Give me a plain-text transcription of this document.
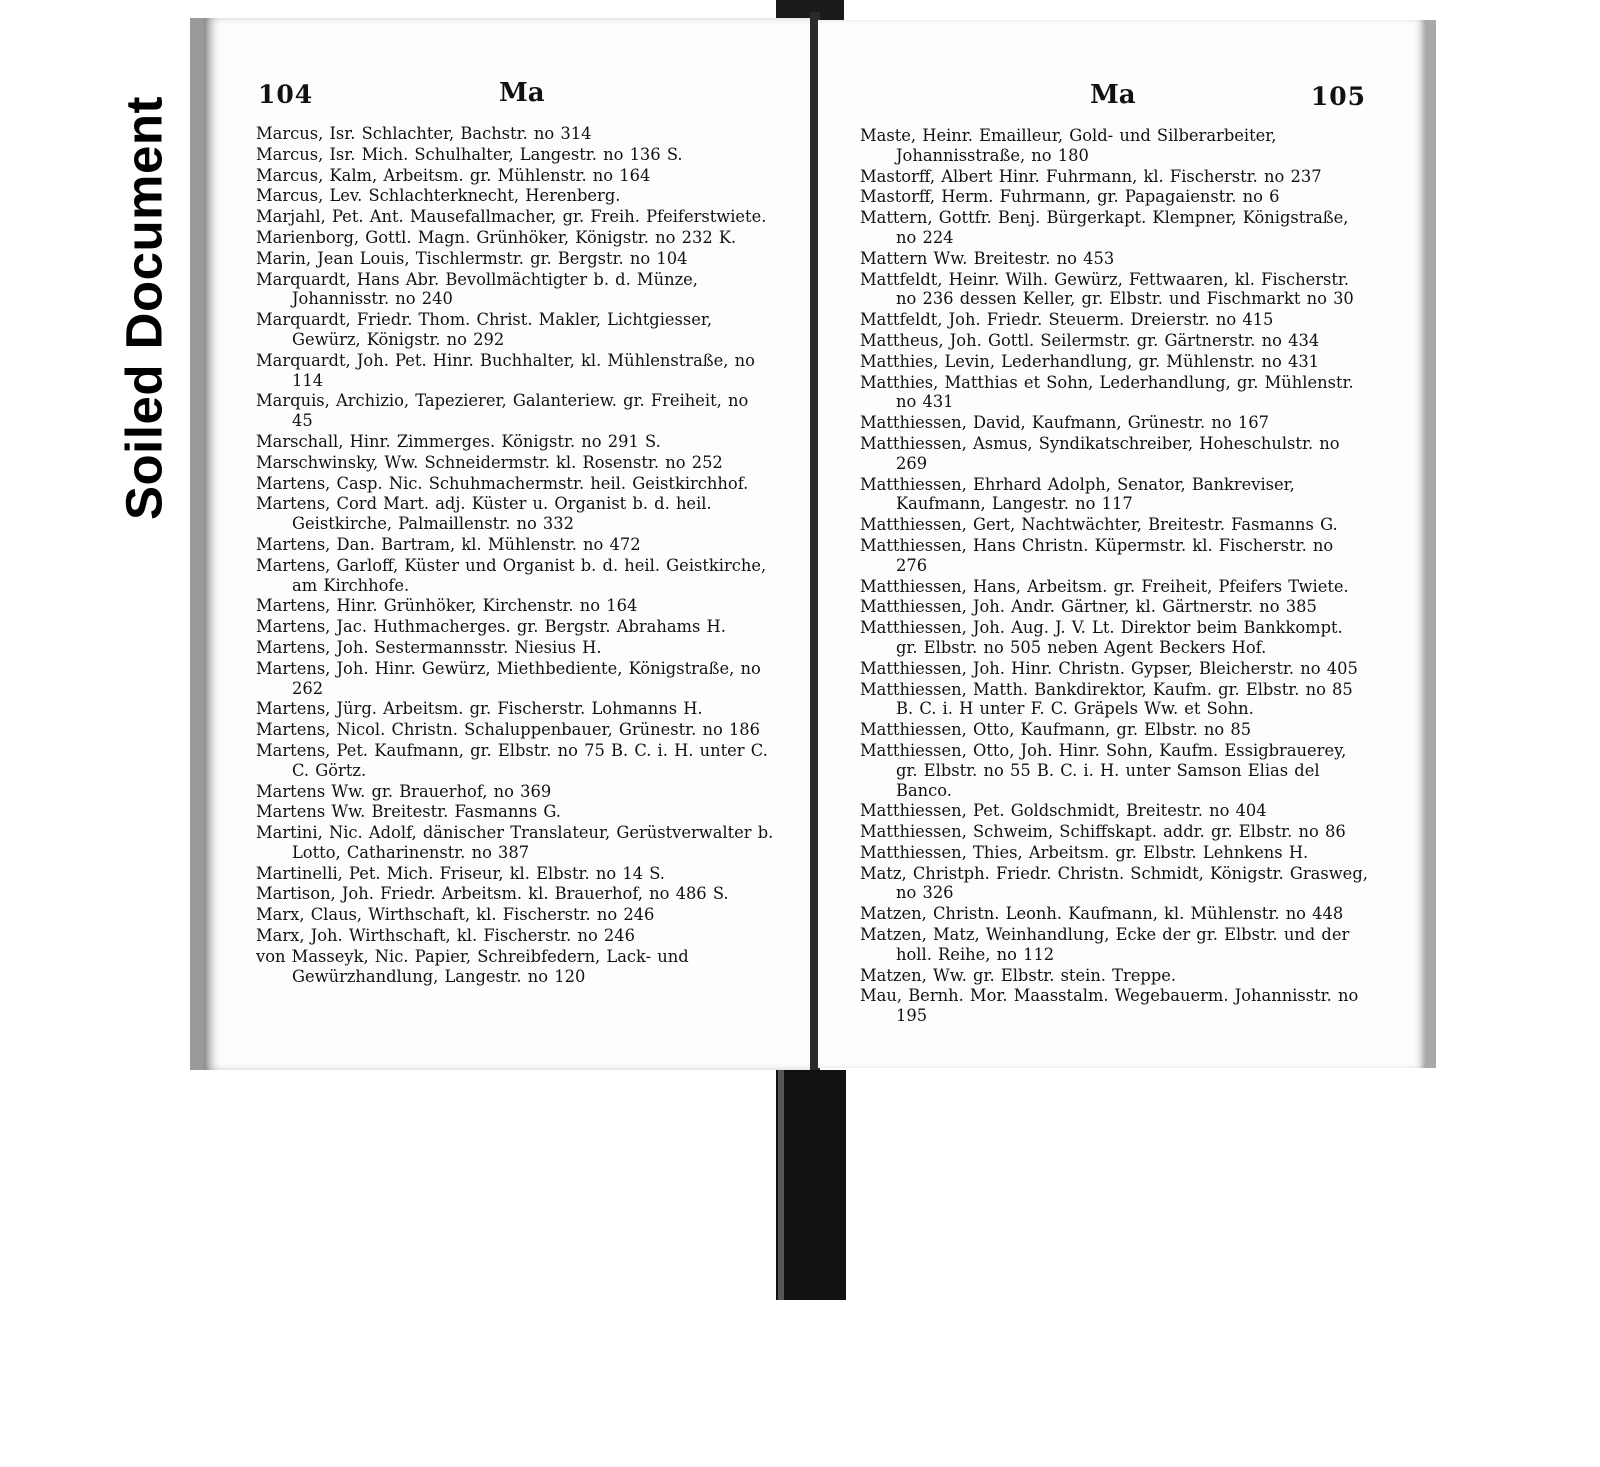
Soiled Document
104	Ma
Marcus, Isr. Schlachter, Bachstr. no 314
Marcus, Isr. Mich. Schulhalter, Langestr. no 136 S.
Marcus, Kalm, Arbeitsm. gr. Mühlenstr. no 164
Marcus, Lev. Schlachterknecht, Herenberg.
Marjahl, Pet. Ant. Mausefallmacher, gr. Freih. Pfeiferstwiete.
Marienborg, Gottl. Magn. Grünhöker, Königstr. no 232 K.
Marin, Jean Louis, Tischlermstr. gr. Bergstr. no 104
Marquardt, Hans Abr. Bevollmächtigter b. d. Münze, Johannisstr. no 240
Marquardt, Friedr. Thom. Christ. Makler, Lichtgiesser, Gewürz, Königstr. no 292
Marquardt, Joh. Pet. Hinr. Buchhalter, kl. Mühlenstraße, no 114
Marquis, Archizio, Tapezierer, Galanteriew. gr. Freiheit, no 45
Marschall, Hinr. Zimmerges. Königstr. no 291 S.
Marschwinsky, Ww. Schneidermstr. kl. Rosenstr. no 252
Martens, Casp. Nic. Schuhmachermstr. heil. Geistkirchhof.
Martens, Cord Mart. adj. Küster u. Organist b. d. heil. Geistkirche, Palmaillenstr. no 332
Martens, Dan. Bartram, kl. Mühlenstr. no 472
Martens, Garloff, Küster und Organist b. d. heil. Geistkirche, am Kirchhofe.
Martens, Hinr. Grünhöker, Kirchenstr. no 164
Martens, Jac. Huthmacherges. gr. Bergstr. Abrahams H.
Martens, Joh. Sestermannsstr. Niesius H.
Martens, Joh. Hinr. Gewürz, Miethbediente, Königstraße, no 262
Martens, Jürg. Arbeitsm. gr. Fischerstr. Lohmanns H.
Martens, Nicol. Christn. Schaluppenbauer, Grünestr. no 186
Martens, Pet. Kaufmann, gr. Elbstr. no 75 B. C. i. H. unter C. C. Görtz.
Martens Ww. gr. Brauerhof, no 369
Martens Ww. Breitestr. Fasmanns G.
Martini, Nic. Adolf, dänischer Translateur, Gerüstverwalter b. Lotto, Catharinenstr. no 387
Martinelli, Pet. Mich. Friseur, kl. Elbstr. no 14 S.
Martison, Joh. Friedr. Arbeitsm. kl. Brauerhof, no 486 S.
Marx, Claus, Wirthschaft, kl. Fischerstr. no 246
Marx, Joh. Wirthschaft, kl. Fischerstr. no 246
von Masseyk, Nic. Papier, Schreibfedern, Lack- und Gewürzhandlung, Langestr. no 120
Ma	105
Maste, Heinr. Emailleur, Gold- und Silberarbeiter, Johannisstraße, no 180
Mastorff, Albert Hinr. Fuhrmann, kl. Fischerstr. no 237
Mastorff, Herm. Fuhrmann, gr. Papagaienstr. no 6
Mattern, Gottfr. Benj. Bürgerkapt. Klempner, Königstraße, no 224
Mattern Ww. Breitestr. no 453
Mattfeldt, Heinr. Wilh. Gewürz, Fettwaaren, kl. Fischerstr. no 236 dessen Keller, gr. Elbstr. und Fischmarkt no 30
Mattfeldt, Joh. Friedr. Steuerm. Dreierstr. no 415
Mattheus, Joh. Gottl. Seilermstr. gr. Gärtnerstr. no 434
Matthies, Levin, Lederhandlung, gr. Mühlenstr. no 431
Matthies, Matthias et Sohn, Lederhandlung, gr. Mühlenstr. no 431
Matthiessen, David, Kaufmann, Grünestr. no 167
Matthiessen, Asmus, Syndikatschreiber, Hoheschulstr. no 269
Matthiessen, Ehrhard Adolph, Senator, Bankreviser, Kaufmann, Langestr. no 117
Matthiessen, Gert, Nachtwächter, Breitestr. Fasmanns G.
Matthiessen, Hans Christn. Küpermstr. kl. Fischerstr. no 276
Matthiessen, Hans, Arbeitsm. gr. Freiheit, Pfeifers Twiete.
Matthiessen, Joh. Andr. Gärtner, kl. Gärtnerstr. no 385
Matthiessen, Joh. Aug. J. V. Lt. Direktor beim Bankkompt. gr. Elbstr. no 505 neben Agent Beckers Hof.
Matthiessen, Joh. Hinr. Christn. Gypser, Bleicherstr. no 405
Matthiessen, Matth. Bankdirektor, Kaufm. gr. Elbstr. no 85 B. C. i. H unter F. C. Gräpels Ww. et Sohn.
Matthiessen, Otto, Kaufmann, gr. Elbstr. no 85
Matthiessen, Otto, Joh. Hinr. Sohn, Kaufm. Essigbrauerey, gr. Elbstr. no 55 B. C. i. H. unter Samson Elias del Banco.
Matthiessen, Pet. Goldschmidt, Breitestr. no 404
Matthiessen, Schweim, Schiffskapt. addr. gr. Elbstr. no 86
Matthiessen, Thies, Arbeitsm. gr. Elbstr. Lehnkens H.
Matz, Christph. Friedr. Christn. Schmidt, Königstr. Grasweg, no 326
Matzen, Christn. Leonh. Kaufmann, kl. Mühlenstr. no 448
Matzen, Matz, Weinhandlung, Ecke der gr. Elbstr. und der holl. Reihe, no 112
Matzen, Ww. gr. Elbstr. stein. Treppe.
Mau, Bernh. Mor. Maasstalm. Wegebauerm. Johannisstr. no 195
